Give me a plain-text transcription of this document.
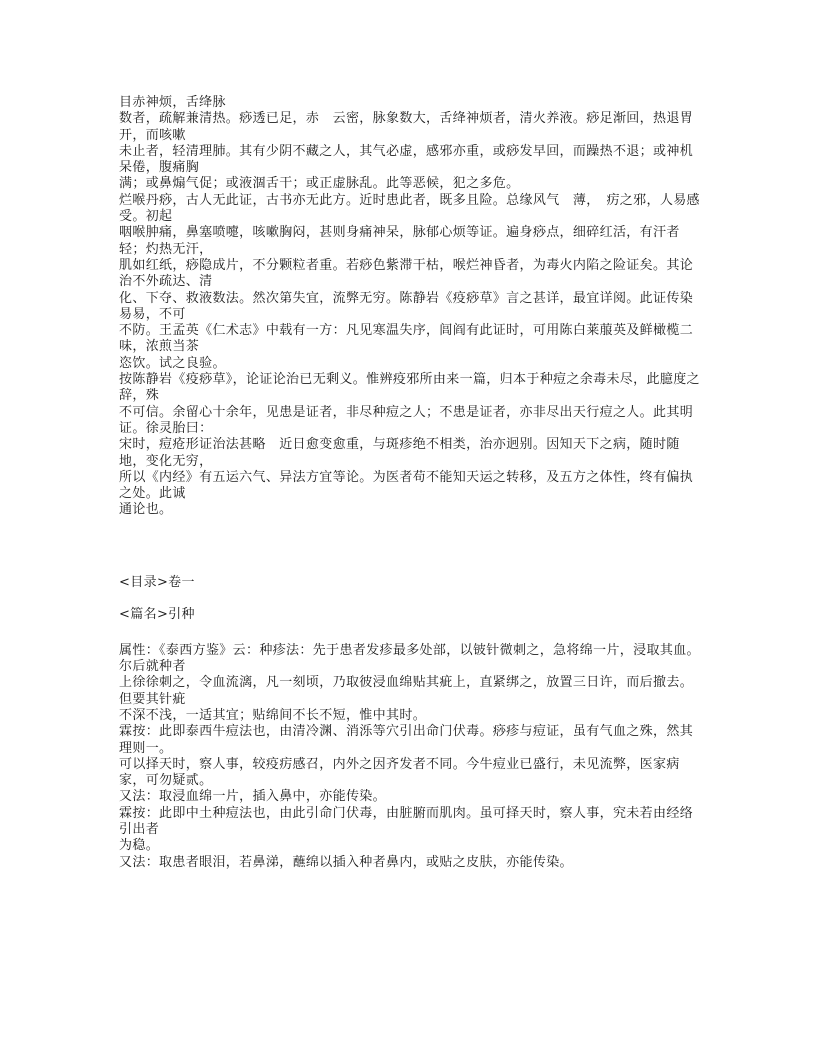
目赤神烦，舌绛脉
数者，疏解兼清热。痧透已足，赤　云密，脉象数大，舌绛神烦者，清火养液。痧足渐回，热退胃开，而咳嗽
未止者，轻清理肺。其有少阴不藏之人，其气必虚，感邪亦重，或痧发早回，而躁热不退；或神机呆倦，腹痛胸
满；或鼻煽气促；或液涸舌干；或正虚脉乱。此等恶候，犯之多危。
烂喉丹痧，古人无此证，古书亦无此方。近时患此者，既多且险。总缘风气　薄，　疠之邪，人易感受。初起
咽喉肿痛，鼻塞喷嚏，咳嗽胸闷，甚则身痛神呆，脉郁心烦等证。遍身痧点，细碎红活，有汗者轻；灼热无汗，
肌如红纸，痧隐成片，不分颗粒者重。若痧色紫滞干枯，喉烂神昏者，为毒火内陷之险证矣。其论治不外疏达、清
化、下夺、救液数法。然次第失宜，流弊无穷。陈静岩《疫痧草》言之甚详，最宜详阅。此证传染易易，不可
不防。王孟英《仁术志》中载有一方：凡见寒温失序，闾阎有此证时，可用陈白莱菔英及鲜橄榄二味，浓煎当茶
恣饮。试之良验。
按陈静岩《疫痧草》，论证论治已无剩义。惟辨疫邪所由来一篇，归本于种痘之余毒未尽，此臆度之辞，殊
不可信。余留心十余年，见患是证者，非尽种痘之人；不患是证者，亦非尽出天行痘之人。此其明证。徐灵胎曰：
宋时，痘疮形证治法甚略　近日愈变愈重，与斑疹绝不相类，治亦迥别。因知天下之病，随时随地，变化无穷，
所以《内经》有五运六气、异法方宜等论。为医者苟不能知天运之转移，及五方之体性，终有偏执之处。此诚
通论也。
<目录>卷一
<篇名>引种
属性：《泰西方鉴》云：种疹法：先于患者发疹最多处部，以铍针微刺之，急将绵一片，浸取其血。尔后就种者
上徐徐刺之，令血流漓，凡一刻顷，乃取彼浸血绵贴其疵上，直紧绑之，放置三日许，而后撤去。但要其针疵
不深不浅，一适其宜；贴绵间不长不短，惟中其时。
霖按：此即泰西牛痘法也，由清冷渊、消泺等穴引出命门伏毒。痧疹与痘证，虽有气血之殊，然其理则一。
可以择天时，察人事，较疫疠感召，内外之因齐发者不同。今牛痘业已盛行，未见流弊，医家病家，可勿疑贰。
又法：取浸血绵一片，插入鼻中，亦能传染。
霖按：此即中土种痘法也，由此引命门伏毒，由脏腑而肌肉。虽可择天时，察人事，究未若由经络引出者
为稳。
又法：取患者眼泪，若鼻涕，蘸绵以插入种者鼻内，或贴之皮肤，亦能传染。
